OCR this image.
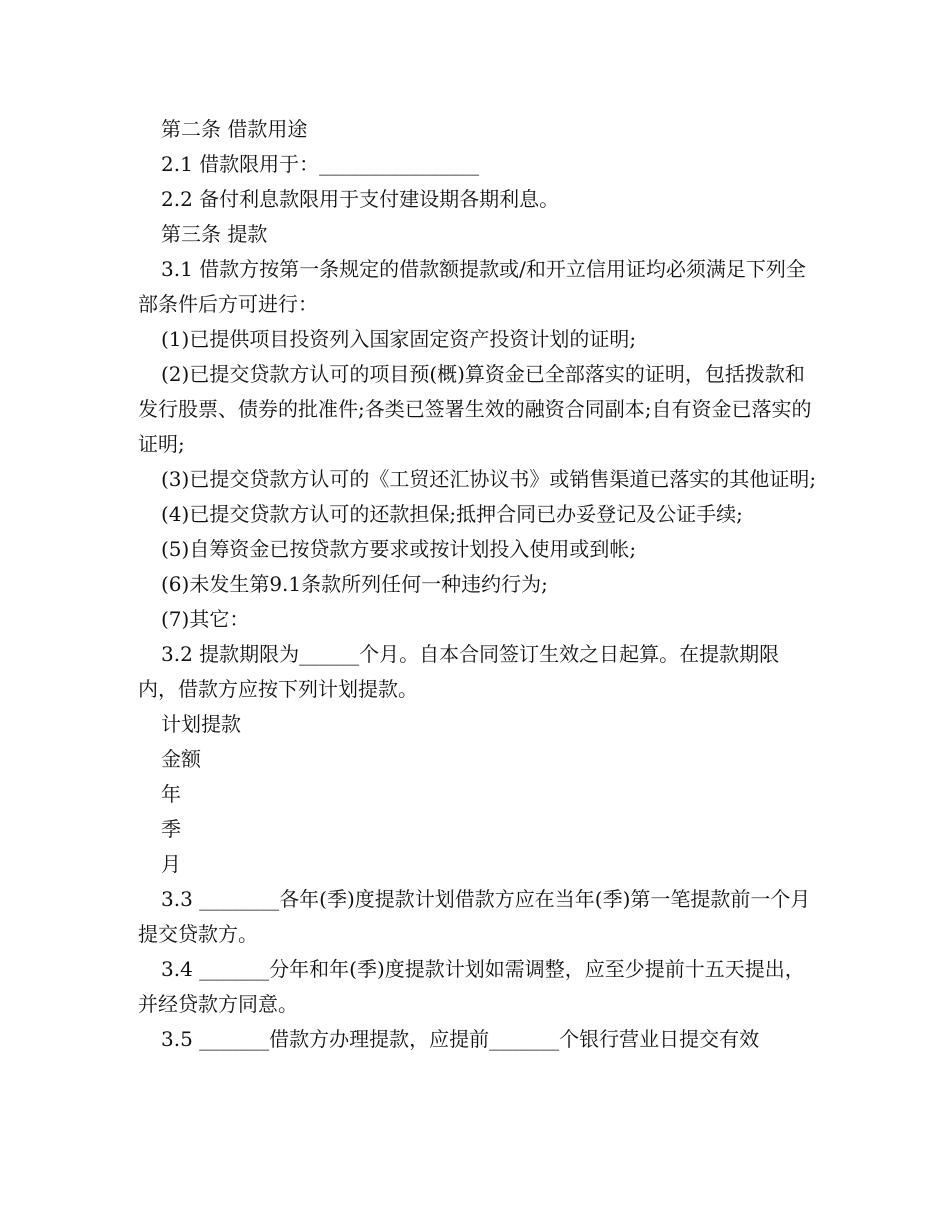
第二条 借款用途

2.1 借款限用于：________________

2.2 备付利息款限用于支付建设期各期利息。

第三条 提款

3.1 借款方按第一条规定的借款额提款或/和开立信用证均必须满足下列全部条件后方可进行：

(1)已提供项目投资列入国家固定资产投资计划的证明;

(2)已提交贷款方认可的项目预(概)算资金已全部落实的证明，包括拨款和发行股票、债券的批准件;各类已签署生效的融资合同副本;自有资金已落实的证明;

(3)已提交贷款方认可的《工贸还汇协议书》或销售渠道已落实的其他证明;

(4)已提交贷款方认可的还款担保;抵押合同已办妥登记及公证手续;

(5)自筹资金已按贷款方要求或按计划投入使用或到帐;

(6)未发生第9.1条款所列任何一种违约行为;

(7)其它：

3.2 提款期限为______个月。自本合同签订生效之日起算。在提款期限内，借款方应按下列计划提款。

计划提款

金额

年

季

月

3.3 ________各年(季)度提款计划借款方应在当年(季)第一笔提款前一个月提交贷款方。

3.4 _______分年和年(季)度提款计划如需调整，应至少提前十五天提出，并经贷款方同意。

3.5 _______借款方办理提款，应提前_______个银行营业日提交有效
